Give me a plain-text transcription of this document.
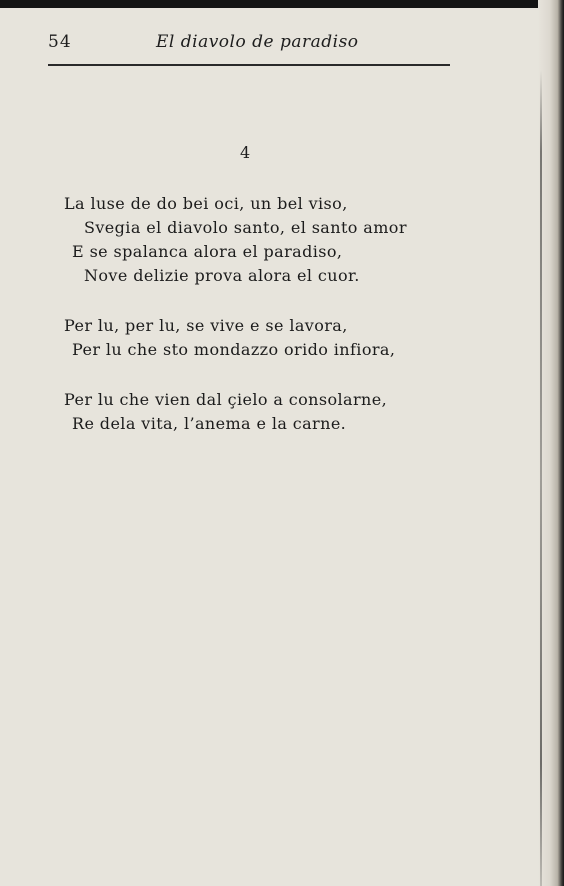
54	El diavolo de paradiso
4
La luse de do bei oci, un bel viso,
Svegia el diavolo santo, el santo amor
E se spalanca alora el paradiso,
Nove delizie prova alora el cuor.
Per lu, per lu, se vive e se lavora,
Per lu che sto mondazzo orido infiora,
Per lu che vien dal çielo a consolarne,
Re dela vita, l’anema e la carne.
